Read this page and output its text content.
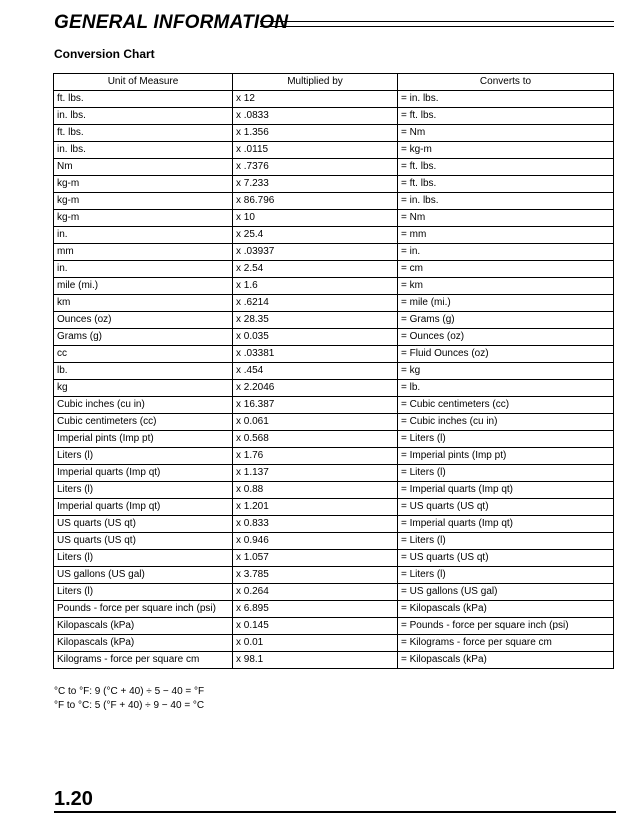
GENERAL INFORMATION
Conversion Chart
Unit of Measure	Multiplied by	Converts to
ft. lbs.	x 12	= in. lbs.
in. lbs.	x .0833	= ft. lbs.
ft. lbs.	x 1.356	= Nm
in. lbs.	x .0115	= kg-m
Nm	x .7376	= ft. lbs.
kg-m	x 7.233	= ft. lbs.
kg-m	x 86.796	= in. lbs.
kg-m	x 10	= Nm
in.	x 25.4	= mm
mm	x .03937	= in.
in.	x 2.54	= cm
mile (mi.)	x 1.6	= km
km	x .6214	= mile (mi.)
Ounces (oz)	x 28.35	= Grams (g)
Grams (g)	x 0.035	= Ounces (oz)
cc	x .03381	= Fluid Ounces (oz)
lb.	x .454	= kg
kg	x 2.2046	= lb.
Cubic inches (cu in)	x 16.387	= Cubic centimeters (cc)
Cubic centimeters (cc)	x 0.061	= Cubic inches (cu in)
Imperial pints (Imp pt)	x 0.568	= Liters (l)
Liters (l)	x 1.76	= Imperial pints (Imp pt)
Imperial quarts (Imp qt)	x 1.137	= Liters (l)
Liters (l)	x 0.88	= Imperial quarts (Imp qt)
Imperial quarts (Imp qt)	x 1.201	= US quarts (US qt)
US quarts (US qt)	x 0.833	= Imperial quarts (Imp qt)
US quarts (US qt)	x 0.946	= Liters (l)
Liters (l)	x 1.057	= US quarts (US qt)
US gallons (US gal)	x 3.785	= Liters (l)
Liters (l)	x 0.264	= US gallons (US gal)
Pounds - force per square inch (psi)	x 6.895	= Kilopascals (kPa)
Kilopascals (kPa)	x 0.145	= Pounds - force per square inch (psi)
Kilopascals (kPa)	x 0.01	= Kilograms - force per square cm
Kilograms - force per square cm	x 98.1	= Kilopascals (kPa)
°C to °F: 9 (°C + 40) ÷ 5 − 40 = °F
°F to °C: 5 (°F + 40) ÷ 9 − 40 = °C
1.20
